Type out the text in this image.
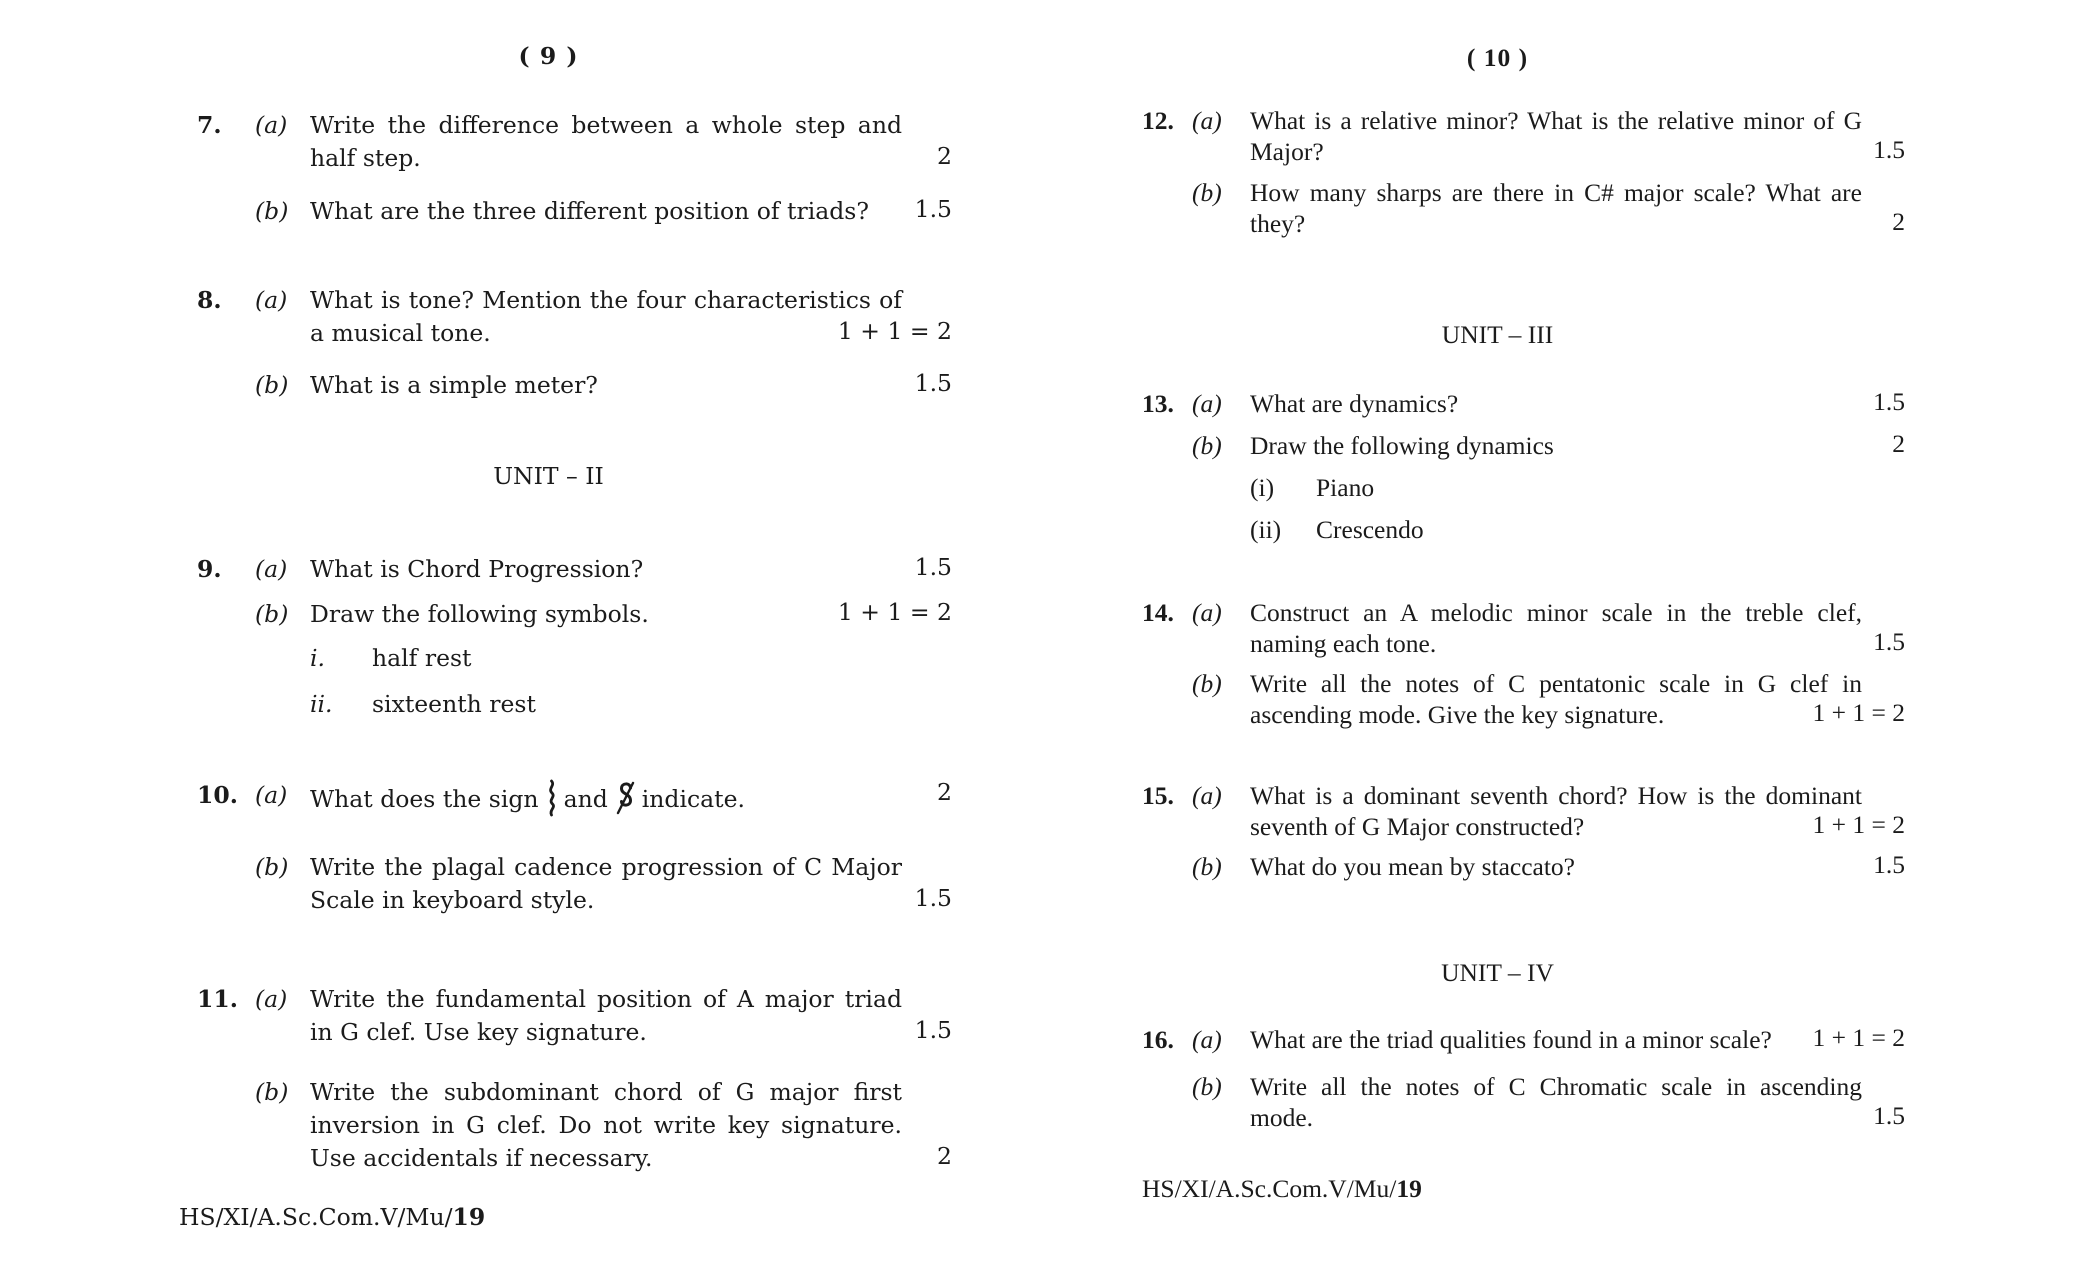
( 9 )
7.	(a) Write the difference between a whole step and half step.	2
(b) What are the three different position of triads?	1.5
8.	(a) What is tone? Mention the four characteristics of a musical tone.	1 + 1 = 2
(b) What is a simple meter?	1.5
UNIT – II
9.	(a) What is Chord Progression?	1.5
(b) Draw the following symbols.	1 + 1 = 2
i.	half rest

ii.	sixteenth rest

10. (a) What does the sign and indicate.	2
(b) Write the plagal cadence progression of C Major Scale in keyboard style.	1.5
11. (a) Write the fundamental position of A major triad in G clef. Use key signature.	1.5
(b) Write the subdominant chord of G major first inversion in G clef. Do not write key signature. Use accidentals if necessary.	2
HS/XI/A.Sc.Com.V/Mu/19
( 10 )
12. (a)	What is a relative minor? What is the relative minor of G Major?	1.5
(b)	How many sharps are there in C# major scale? What are they?	2
UNIT – III
13. (a)	What are dynamics?	1.5
(b)	Draw the following dynamics	2
(i)	Piano

(ii)	Crescendo

14. (a)	Construct an A melodic minor scale in the treble clef, naming each tone.	1.5
(b)	Write all the notes of C pentatonic scale in G clef in ascending mode. Give the key signature.	1 + 1 = 2
15. (a)	What is a dominant seventh chord? How is the dominant seventh of G Major constructed?	1 + 1 = 2
(b)	What do you mean by staccato?	1.5
UNIT – IV
16. (a)	What are the triad qualities found in a minor scale?	1 + 1 = 2
(b)	Write all the notes of C Chromatic scale in ascending mode.	1.5
HS/XI/A.Sc.Com.V/Mu/19
